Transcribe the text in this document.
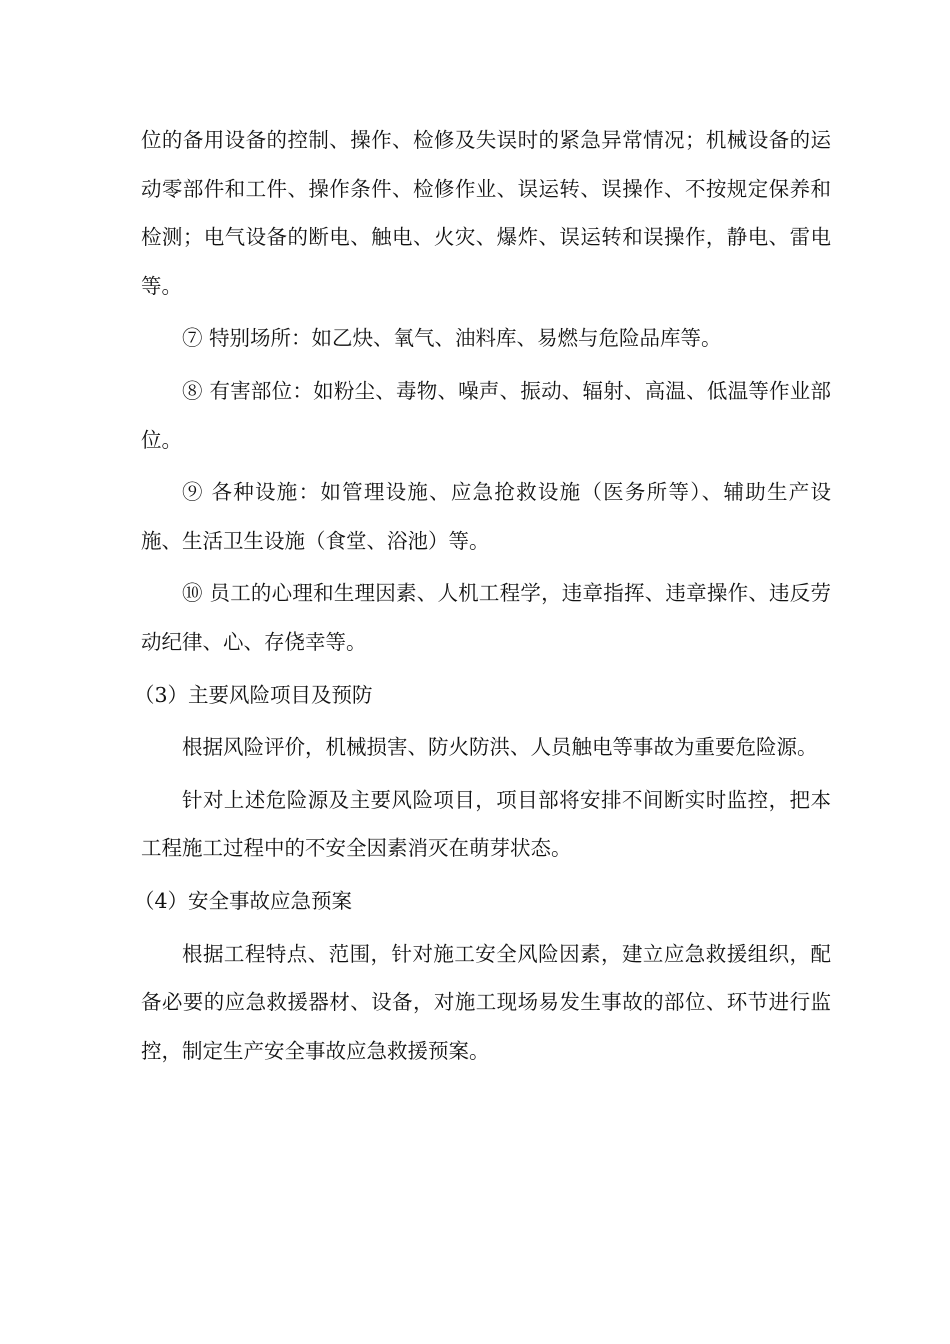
位的备用设备的控制、操作、检修及失误时的紧急异常情况；机械设备的运动零部件和工件、操作条件、检修作业、误运转、误操作、不按规定保养和检测；电气设备的断电、触电、火灾、爆炸、误运转和误操作，静电、雷电等。

⑦ 特别场所：如乙炔、氧气、油料库、易燃与危险品库等。

⑧ 有害部位：如粉尘、毒物、噪声、振动、辐射、高温、低温等作业部位。

⑨ 各种设施：如管理设施、应急抢救设施（医务所等）、辅助生产设施、生活卫生设施（食堂、浴池）等。

⑩ 员工的心理和生理因素、人机工程学，违章指挥、违章操作、违反劳动纪律、心、存侥幸等。

（3）主要风险项目及预防

根据风险评价，机械损害、防火防洪、人员触电等事故为重要危险源。

针对上述危险源及主要风险项目，项目部将安排不间断实时监控，把本工程施工过程中的不安全因素消灭在萌芽状态。

（4）安全事故应急预案

根据工程特点、范围，针对施工安全风险因素，建立应急救援组织，配备必要的应急救援器材、设备，对施工现场易发生事故的部位、环节进行监控，制定生产安全事故应急救援预案。
